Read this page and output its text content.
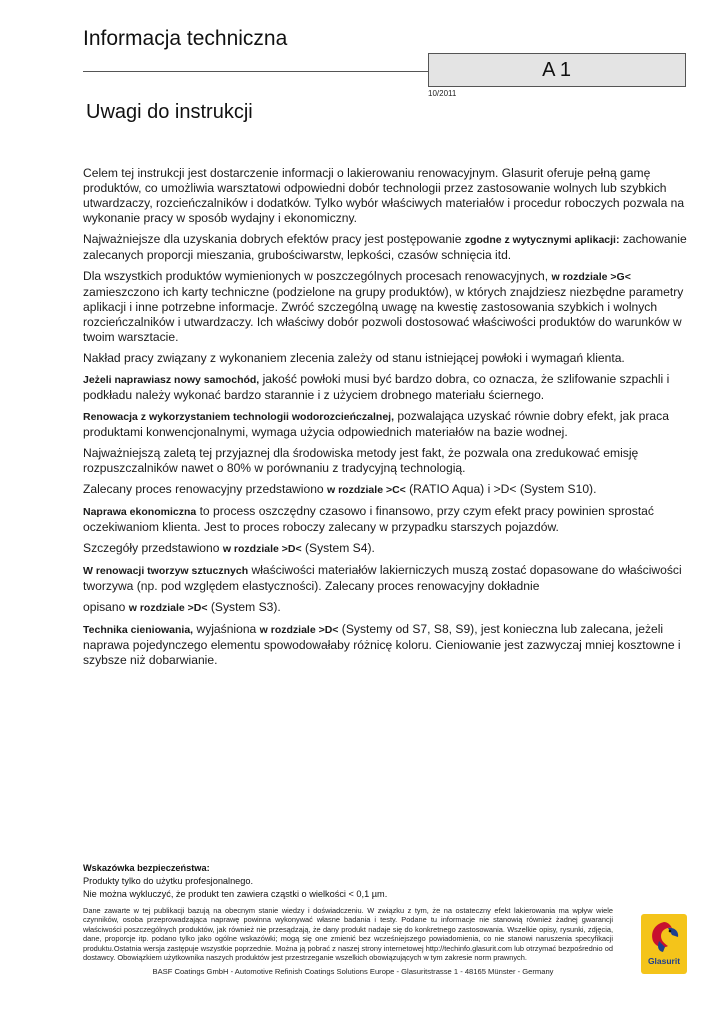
Informacja techniczna
A 1
10/2011
Uwagi do instrukcji

Celem tej instrukcji jest dostarczenie informacji o lakierowaniu renowacyjnym. Glasurit oferuje pełną gamę produktów, co umożliwia warsztatowi odpowiedni dobór technologii przez zastosowanie wolnych lub szybkich utwardzaczy, rozcieńczalników i dodatków. Tylko wybór właściwych materiałów i procedur roboczych pozwala na wykonanie pracy w sposób wydajny i ekonomiczny.

Najważniejsze dla uzyskania dobrych efektów pracy jest postępowanie zgodne z wytycznymi aplikacji: zachowanie zalecanych proporcji mieszania, grubościwarstw, lepkości, czasów schnięcia itd.

Dla wszystkich produktów wymienionych w poszczególnych procesach renowacyjnych, w rozdziale >G< zamieszczono ich karty techniczne (podzielone na grupy produktów), w których znajdziesz niezbędne parametry aplikacji i inne potrzebne informacje. Zwróć szczególną uwagę na kwestię zastosowania szybkich i wolnych rozcieńczalników i utwardzaczy. Ich właściwy dobór pozwoli dostosować właściwości produktów do warunków w twoim warsztacie.

Nakład pracy związany z wykonaniem zlecenia zależy od stanu istniejącej powłoki i wymagań klienta.

Jeżeli naprawiasz nowy samochód, jakość powłoki musi być bardzo dobra, co oznacza, że szlifowanie szpachli i podkładu należy wykonać bardzo starannie i z użyciem drobnego materiału ściernego.

Renowacja z wykorzystaniem technologii wodorozcieńczalnej, pozwalająca uzyskać równie dobry efekt, jak praca produktami konwencjonalnymi, wymaga użycia odpowiednich materiałów na bazie wodnej.

Najważniejszą zaletą tej przyjaznej dla środowiska metody jest fakt, że pozwala ona zredukować emisję rozpuszczalników nawet o 80% w porównaniu z tradycyjną technologią.

Zalecany proces renowacyjny przedstawiono w rozdziale >C< (RATIO Aqua) i >D< (System S10).

Naprawa ekonomiczna to process oszczędny czasowo i finansowo, przy czym efekt pracy powinien sprostać oczekiwaniom klienta. Jest to proces roboczy zalecany w przypadku starszych pojazdów.

Szczegóły przedstawiono w rozdziale >D< (System S4).

W renowacji tworzyw sztucznych właściwości materiałów lakierniczych muszą zostać dopasowane do właściwości tworzywa (np. pod względem elastyczności). Zalecany proces renowacyjny dokładnie

opisano w rozdziale >D< (System S3).

Technika cieniowania, wyjaśniona w rozdziale >D< (Systemy od S7, S8, S9), jest konieczna lub zalecana, jeżeli naprawa pojedynczego elementu spowodowałaby różnicę koloru. Cieniowanie jest zazwyczaj mniej kosztowne i szybsze niż dobarwianie.

Wskazówka bezpieczeństwa:
Produkty tylko do użytku profesjonalnego.
Nie można wykluczyć, że produkt ten zawiera cząstki o wielkości < 0,1 µm.
Dane zawarte w tej publikacji bazują na obecnym stanie wiedzy i doświadczeniu. W związku z tym, że na ostateczny efekt lakierowania ma wpływ wiele czynników, osoba przeprowadzająca naprawę powinna wykonywać własne badania i testy. Podane tu informacje nie stanowią również żadnej gwarancji właściwości poszczególnych produktów, jak również nie przesądzają, że dany produkt nadaje się do konkretnego zastosowania. Wszelkie opisy, rysunki, zdjęcia, dane, proporcje itp. podano tylko jako ogólne wskazówki; mogą się one zmienić bez wcześniejszego powiadomienia, co nie stanowi naruszenia specyfikacji produktu.Ostatnia wersja zastępuje wszystkie poprzednie. Można ją pobrać z naszej strony internetowej http://techinfo.glasurit.com lub otrzymać bezpośrednio od dostawcy. Obowiązkiem użytkownika naszych produktów jest przestrzeganie wszelkich obowiązujących w tym zakresie norm prawnych.
BASF Coatings GmbH - Automotive Refinish Coatings Solutions Europe - Glasuritstrasse 1 - 48165 Münster - Germany
Glasurit
